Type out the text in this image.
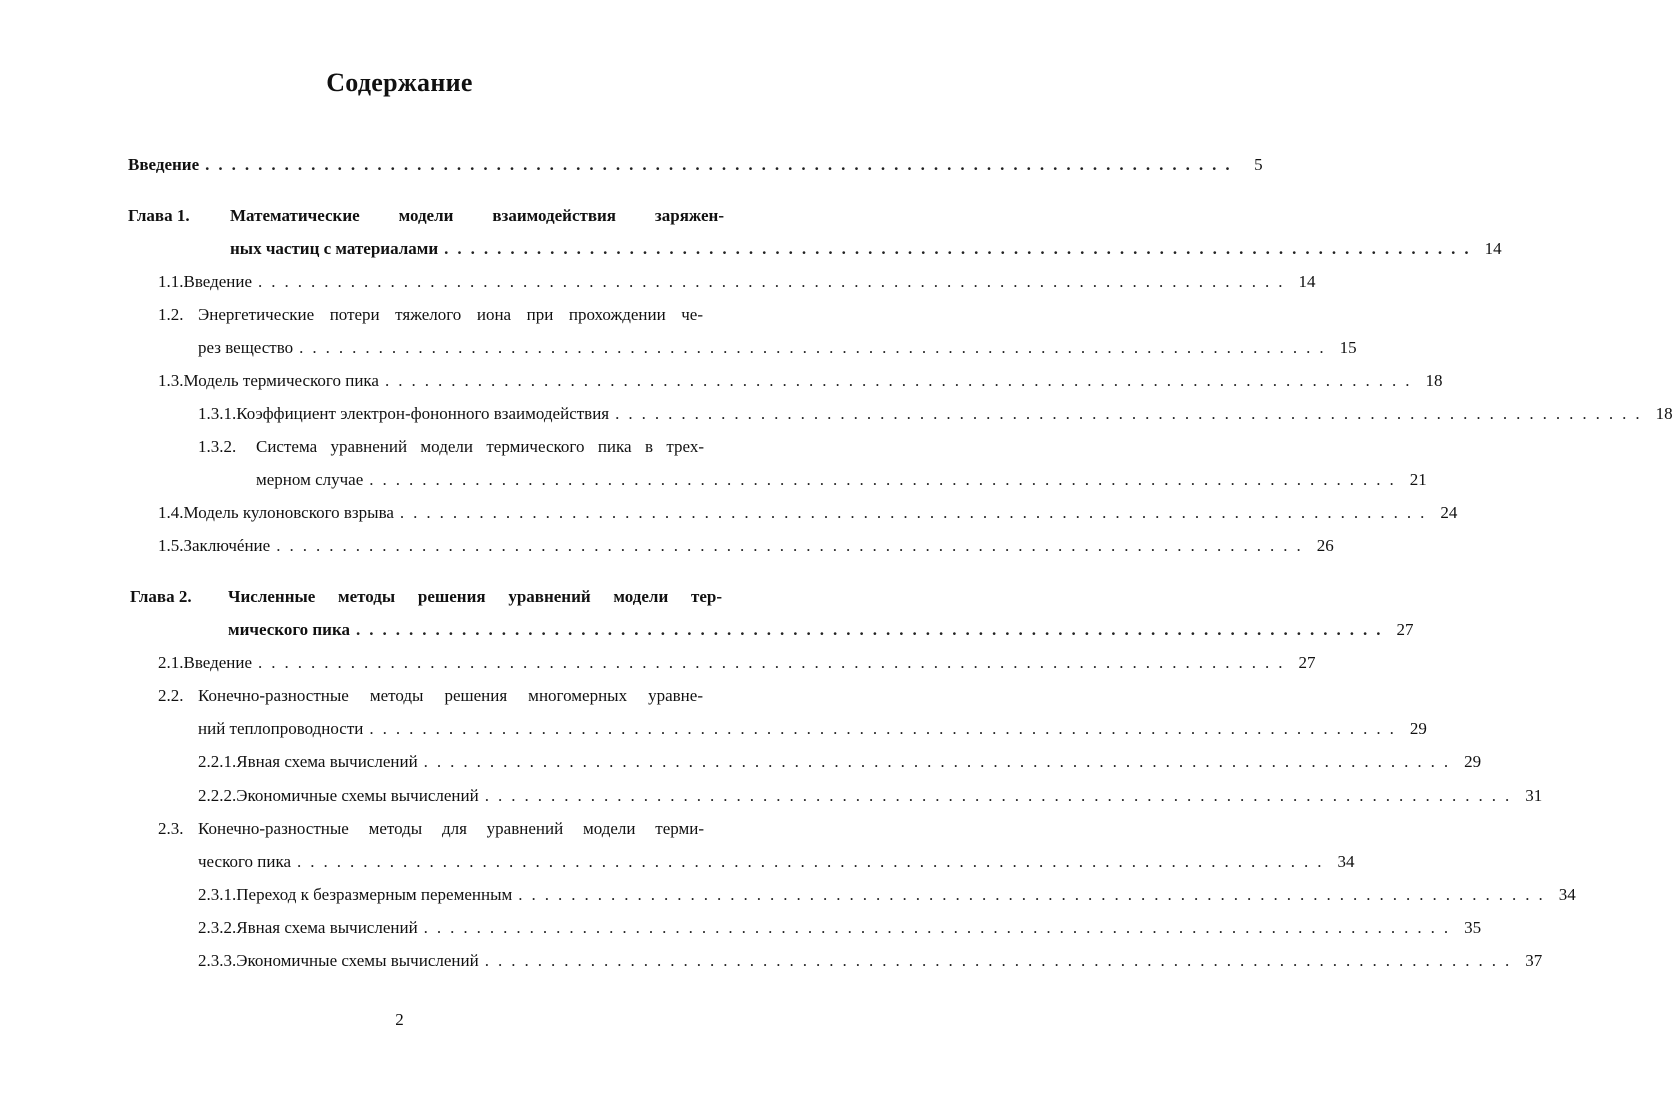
Содержание
Введение .............................................................................. 5
Глава 1. Математические модели взаимодействия заряжен-
ных частиц с материалами .............................................................................. 14
1.1. Введение .............................................................................. 14
1.2. Энергетические потери тяжелого иона при прохождении че-
рез вещество .............................................................................. 15
1.3. Модель термического пика .............................................................................. 18
1.3.1. Коэффициент электрон-фононного взаимодействия .............................................................................. 18
1.3.2.	Система уравнений модели термического пика в трех-
мерном случае .............................................................................. 21
1.4. Модель кулоновского взрыва .............................................................................. 24
1.5. Заключéние .............................................................................. 26
Глава 2. Численные методы решения уравнений модели тер-
мического пика .............................................................................. 27
2.1. Введение .............................................................................. 27
2.2. Конечно-разностные методы решения многомерных уравне-
ний теплопроводности .............................................................................. 29
2.2.1. Явная схема вычислений .............................................................................. 29
2.2.2. Экономичные схемы вычислений .............................................................................. 31
2.3. Конечно-разностные методы для уравнений модели терми-
ческого пика .............................................................................. 34
2.3.1. Переход к безразмерным переменным .............................................................................. 34
2.3.2. Явная схема вычислений .............................................................................. 35
2.3.3. Экономичные схемы вычислений .............................................................................. 37
2
